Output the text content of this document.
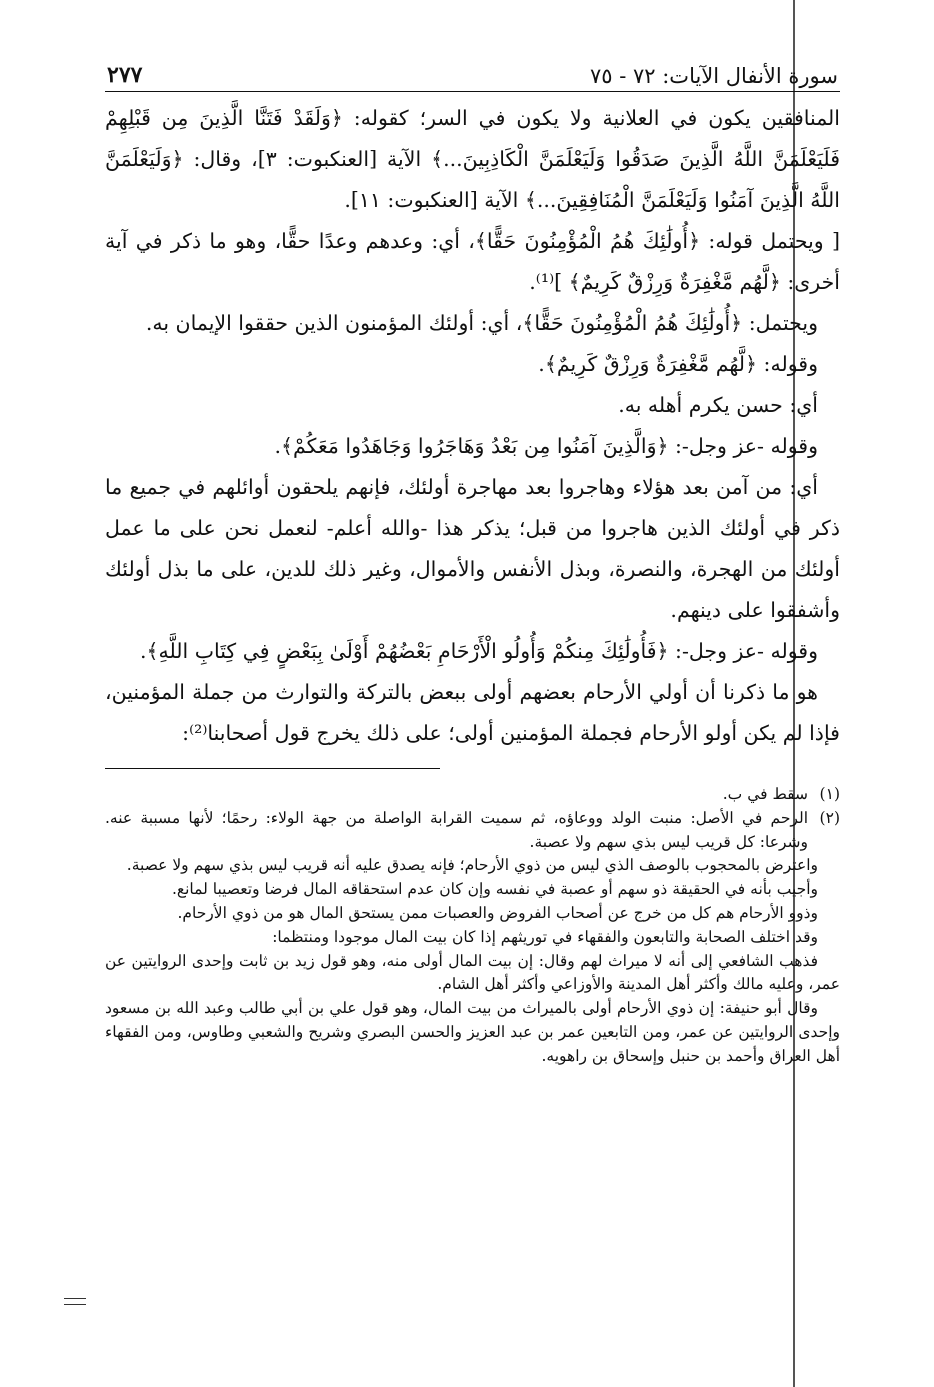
سورة الأنفال الآيات: ٧٢ - ٧٥
٢٧٧

المنافقين يكون في العلانية ولا يكون في السر؛ كقوله: ﴿وَلَقَدْ فَتَنَّا الَّذِينَ مِن قَبْلِهِمْ فَلَيَعْلَمَنَّ اللَّهُ الَّذِينَ صَدَقُوا وَلَيَعْلَمَنَّ الْكَاذِبِينَ...﴾ الآية [العنكبوت: ٣]، وقال: ﴿وَلَيَعْلَمَنَّ اللَّهُ الَّذِينَ آمَنُوا وَلَيَعْلَمَنَّ الْمُنَافِقِينَ...﴾ الآية [العنكبوت: ١١].

[ ويحتمل قوله: ﴿أُولَٰئِكَ هُمُ الْمُؤْمِنُونَ حَقًّا﴾، أي: وعدهم وعدًا حقًّا، وهو ما ذكر في آية أخرى: ﴿لَّهُم مَّغْفِرَةٌ وَرِزْقٌ كَرِيمٌ﴾ ]⁽¹⁾.

ويحتمل: ﴿أُولَٰئِكَ هُمُ الْمُؤْمِنُونَ حَقًّا﴾، أي: أولئك المؤمنون الذين حققوا الإيمان به.

وقوله: ﴿لَّهُم مَّغْفِرَةٌ وَرِزْقٌ كَرِيمٌ﴾.

أي: حسن يكرم أهله به.

وقوله -عز وجل-: ﴿وَالَّذِينَ آمَنُوا مِن بَعْدُ وَهَاجَرُوا وَجَاهَدُوا مَعَكُمْ﴾.

أي: من آمن بعد هؤلاء وهاجروا بعد مهاجرة أولئك، فإنهم يلحقون أوائلهم في جميع ما ذكر في أولئك الذين هاجروا من قبل؛ يذكر هذا -والله أعلم- لنعمل نحن على ما عمل أولئك من الهجرة، والنصرة، وبذل الأنفس والأموال، وغير ذلك للدين، على ما بذل أولئك وأشفقوا على دينهم.

وقوله -عز وجل-: ﴿فَأُولَٰئِكَ مِنكُمْ وَأُولُو الْأَرْحَامِ بَعْضُهُمْ أَوْلَىٰ بِبَعْضٍ فِي كِتَابِ اللَّهِ﴾.

هو ما ذكرنا أن أولي الأرحام بعضهم أولى ببعض بالتركة والتوارث من جملة المؤمنين، فإذا لم يكن أولو الأرحام فجملة المؤمنين أولى؛ على ذلك يخرج قول أصحابنا⁽²⁾:

(١)سقط في ب.

(٢)الرحم في الأصل: منبت الولد ووعاؤه، ثم سميت القرابة الواصلة من جهة الولاء: رحمًا؛ لأنها مسببة عنه. وشرعا: كل قريب ليس بذي سهم ولا عصبة.

واعترض بالمحجوب بالوصف الذي ليس من ذوي الأرحام؛ فإنه يصدق عليه أنه قريب ليس بذي سهم ولا عصبة.

وأجيب بأنه في الحقيقة ذو سهم أو عصبة في نفسه وإن كان عدم استحقاقه المال فرضا وتعصيبا لمانع.

وذوو الأرحام هم كل من خرج عن أصحاب الفروض والعصبات ممن يستحق المال هو من ذوي الأرحام.

وقد اختلف الصحابة والتابعون والفقهاء في توريثهم إذا كان بيت المال موجودا ومنتظما:

فذهب الشافعي إلى أنه لا ميراث لهم وقال: إن بيت المال أولى منه، وهو قول زيد بن ثابت وإحدى الروايتين عن عمر، وعليه مالك وأكثر أهل المدينة والأوزاعي وأكثر أهل الشام.

وقال أبو حنيفة: إن ذوي الأرحام أولى بالميراث من بيت المال، وهو قول علي بن أبي طالب وعبد الله بن مسعود وإحدى الروايتين عن عمر، ومن التابعين عمر بن عبد العزيز والحسن البصري وشريح والشعبي وطاوس، ومن الفقهاء أهل العراق وأحمد بن حنبل وإسحاق بن راهويه.
